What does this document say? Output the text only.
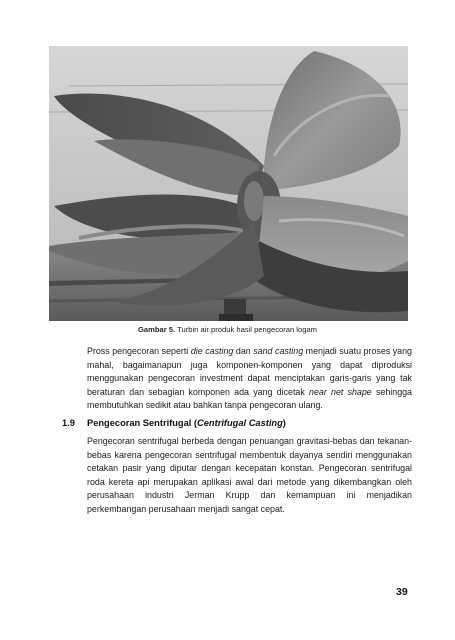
Gambar 5. Turbin air produk hasil pengecoran logam

Pross pengecoran seperti die casting dan sand casting menjadi suatu proses yang mahal, bagaimanapun juga komponen-komponen yang dapat diproduksi menggunakan pengecoran investment dapat menciptakan garis-garis yang tak beraturan dan sebagian komponen ada yang dicetak near net shape sehingga membutuhkan sedikit atau bahkan tanpa pengecoran ulang.

1.9 Pengecoran Sentrifugal (Centrifugal Casting)

Pengecoran sentrifugal berbeda dengan penuangan gravitasi-bebas dan tekanan-bebas karena pengecoran sentrifugal membentuk dayanya sendiri menggunakan cetakan pasir yang diputar dengan kecepatan konstan. Pengecoran sentrifugal roda kereta api merupakan aplikasi awal dari metode yang dikembangkan oleh perusahaan industri Jerman Krupp dan kemampuan ini menjadikan perkembangan perusahaan menjadi sangat cepat.

39
